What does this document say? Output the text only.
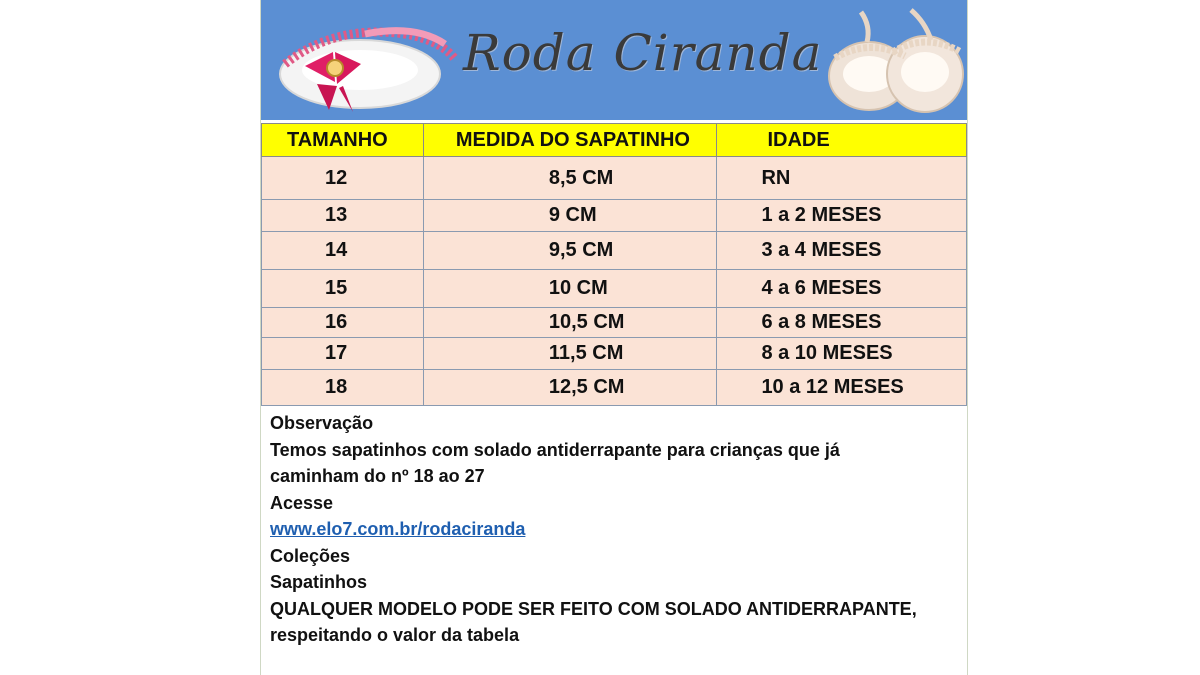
Roda Ciranda
TAMANHO	MEDIDA DO SAPATINHO	IDADE

12	8,5 CM	RN

13	9 CM	1 a 2 MESES

14	9,5 CM	3 a 4 MESES

15	10 CM	4 a 6 MESES

16	10,5 CM	6 a 8 MESES

17	11,5 CM	8 a 10 MESES

18	12,5 CM	10 a 12 MESES
Observação
Temos sapatinhos com solado antiderrapante para crianças que já
caminham do nº 18 ao 27
Acesse
www.elo7.com.br/rodaciranda
Coleções
Sapatinhos
QUALQUER MODELO PODE SER FEITO COM SOLADO ANTIDERRAPANTE,
respeitando o valor da tabela
